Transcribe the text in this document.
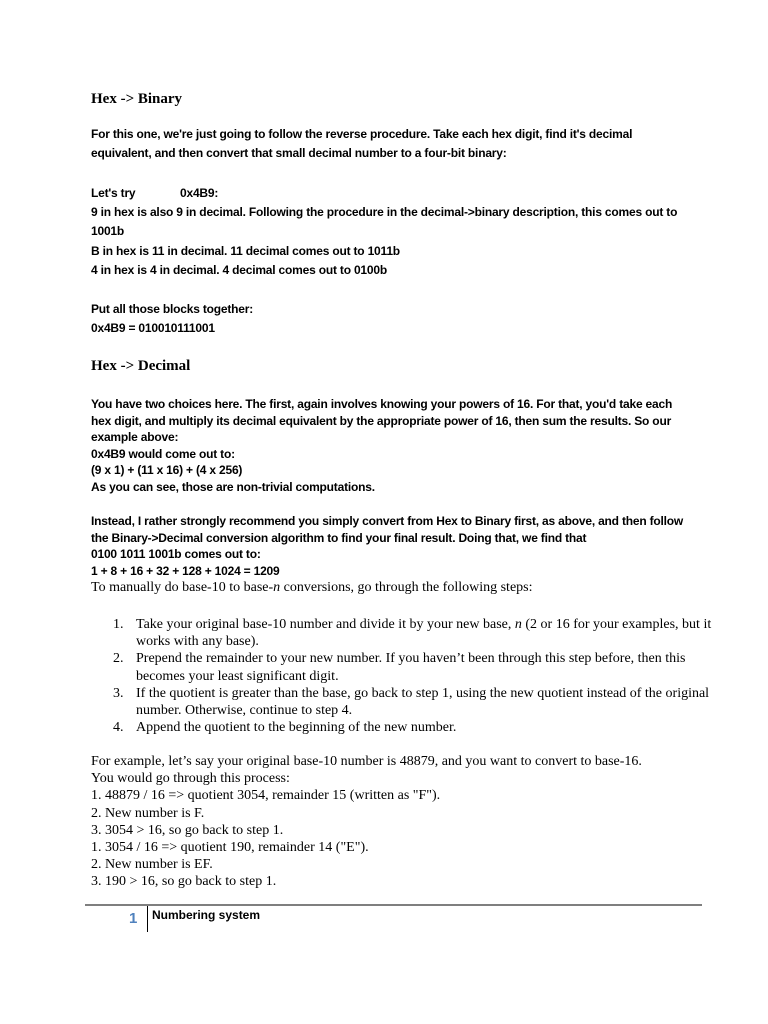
Hex -> Binary

For this one, we're just going to follow the reverse procedure. Take each hex digit, find it's decimal

equivalent, and then convert that small decimal number to a four-bit binary:

Let's try	0x4B9:

9 in hex is also 9 in decimal. Following the procedure in the decimal->binary description, this comes out to

1001b

B in hex is 11 in decimal. 11 decimal comes out to 1011b

4 in hex is 4 in decimal. 4 decimal comes out to 0100b

Put all those blocks together:

0x4B9 = 010010111001

Hex -> Decimal

You have two choices here. The first, again involves knowing your powers of 16. For that, you'd take each

hex digit, and multiply its decimal equivalent by the appropriate power of 16, then sum the results. So our

example above:

0x4B9 would come out to:

(9 x 1) + (11 x 16) + (4 x 256)

As you can see, those are non-trivial computations.

Instead, I rather strongly recommend you simply convert from Hex to Binary first, as above, and then follow

the Binary->Decimal conversion algorithm to find your final result. Doing that, we find that

0100 1011 1001b comes out to:

1 + 8 + 16 + 32 + 128 + 1024 = 1209

To manually do base-10 to base-n conversions, go through the following steps:

1. Take your original base-10 number and divide it by your new base, n (2 or 16 for your examples, but it works with any base).
2. Prepend the remainder to your new number. If you haven’t been through this step before, then this becomes your least significant digit.
3. If the quotient is greater than the base, go back to step 1, using the new quotient instead of the original number. Otherwise, continue to step 4.
4. Append the quotient to the beginning of the new number.

For example, let’s say your original base-10 number is 48879, and you want to convert to base-16.

You would go through this process:

1. 48879 / 16 => quotient 3054, remainder 15 (written as "F").

2. New number is F.

3. 3054 > 16, so go back to step 1.

1. 3054 / 16 => quotient 190, remainder 14 ("E").

2. New number is EF.

3. 190 > 16, so go back to step 1.

1 Numbering system
